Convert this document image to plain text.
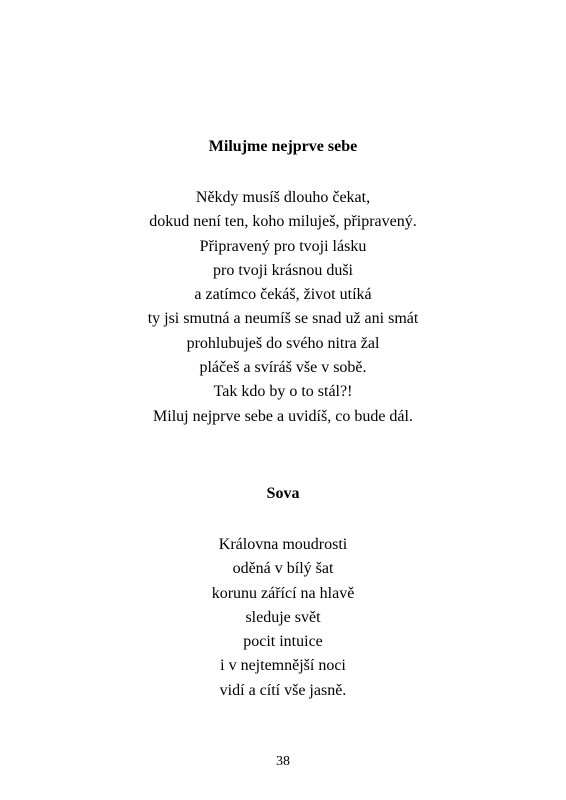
Milujme nejprve sebe
Někdy musíš dlouho čekat,
dokud není ten, koho miluješ, připravený.
Připravený pro tvoji lásku
pro tvoji krásnou duši
a zatímco čekáš, život utíká
ty jsi smutná a neumíš se snad už ani smát
prohlubuješ do svého nitra žal
pláčeš a svíráš vše v sobě.
Tak kdo by o to stál?!
Miluj nejprve sebe a uvidíš, co bude dál.
Sova
Královna moudrosti
oděná v bílý šat
korunu zářící na hlavě
sleduje svět
pocit intuice
i v nejtemnější noci
vidí a cítí vše jasně.
38
